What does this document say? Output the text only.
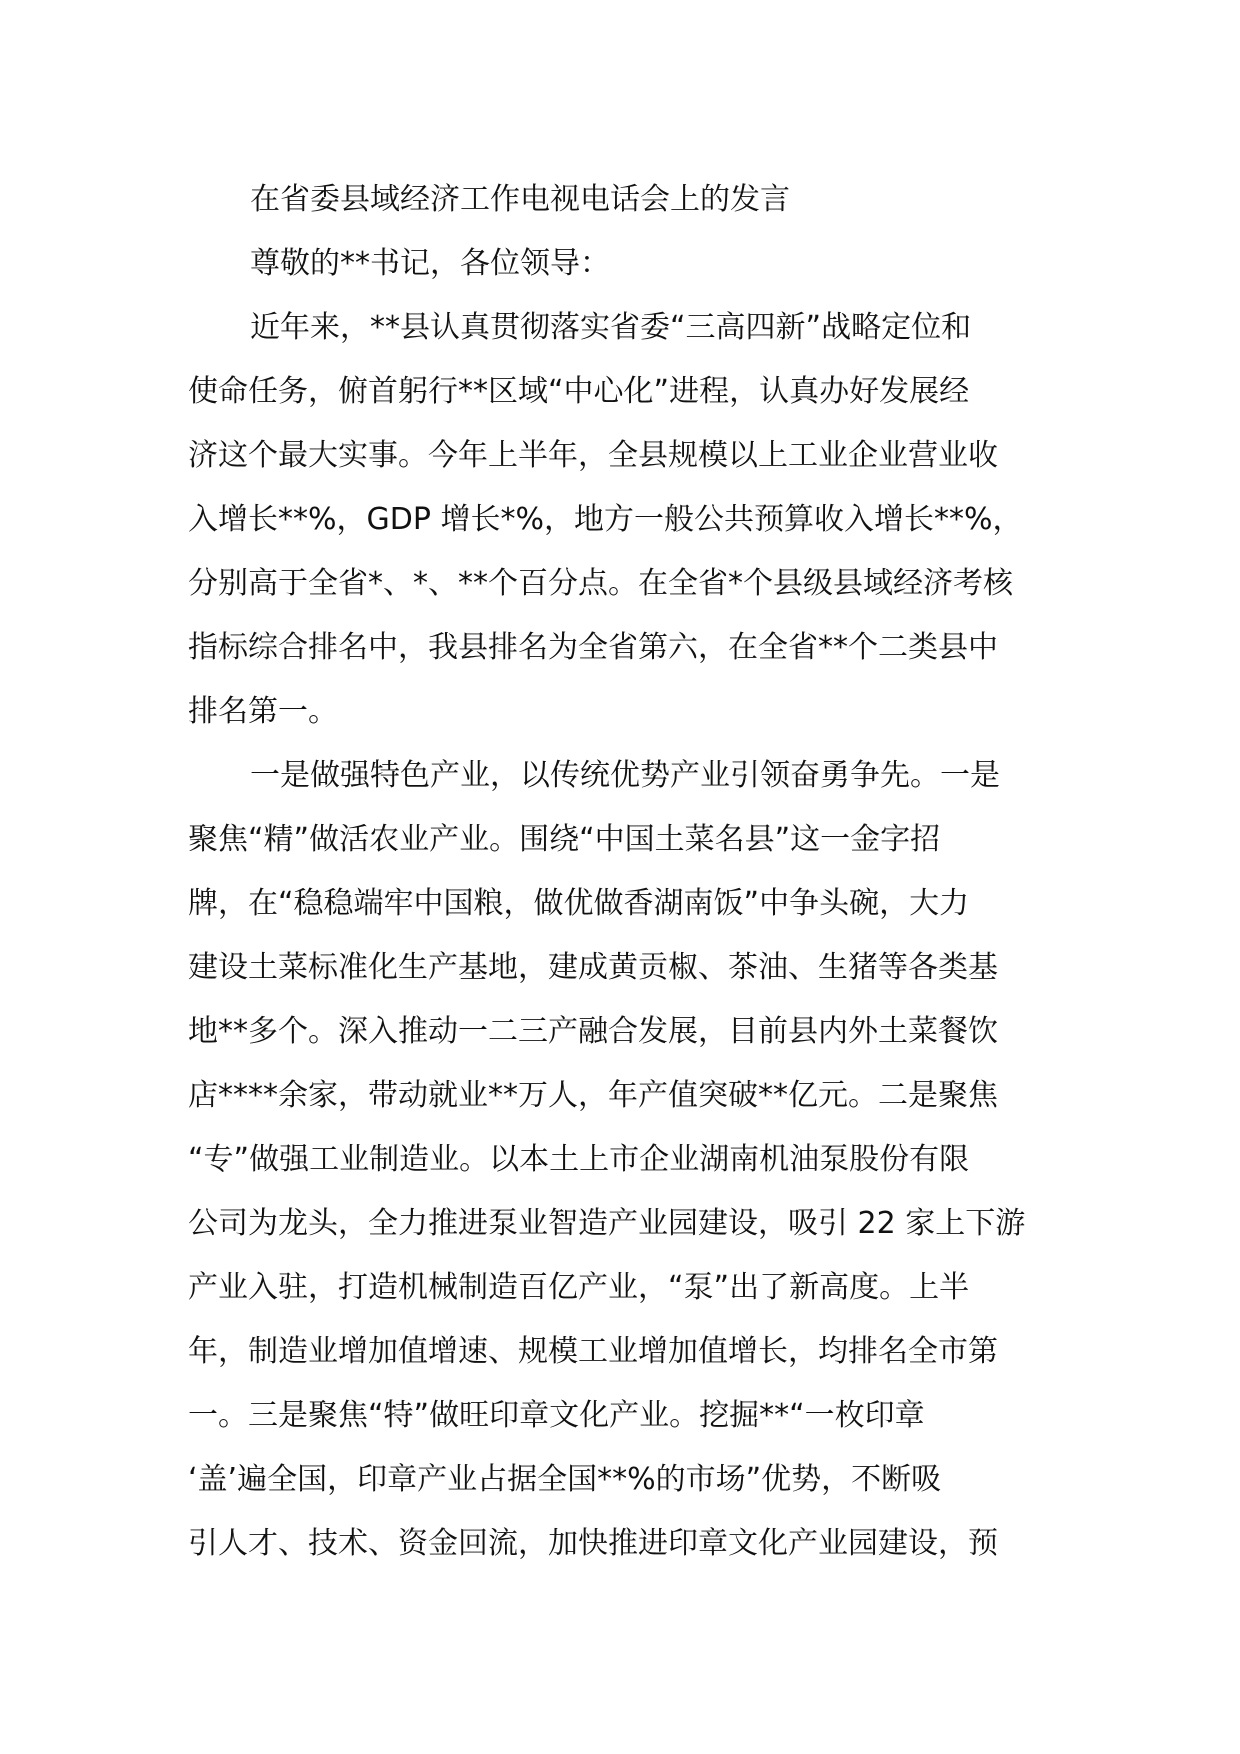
在省委县域经济工作电视电话会上的发言
尊敬的**书记，各位领导：
近年来，**县认真贯彻落实省委“三高四新”战略定位和
使命任务，俯首躬行**区域“中心化”进程，认真办好发展经
济这个最大实事。今年上半年，全县规模以上工业企业营业收
入增长**%，GDP 增长*%，地方一般公共预算收入增长**%，
分别高于全省*、*、**个百分点。在全省*个县级县域经济考核
指标综合排名中，我县排名为全省第六，在全省**个二类县中
排名第一。
一是做强特色产业，以传统优势产业引领奋勇争先。一是
聚焦“精”做活农业产业。围绕“中国土菜名县”这一金字招
牌，在“稳稳端牢中国粮，做优做香湖南饭”中争头碗，大力
建设土菜标准化生产基地，建成黄贡椒、茶油、生猪等各类基
地**多个。深入推动一二三产融合发展，目前县内外土菜餐饮
店****余家，带动就业**万人，年产值突破**亿元。二是聚焦
“专”做强工业制造业。以本土上市企业湖南机油泵股份有限
公司为龙头，全力推进泵业智造产业园建设，吸引 22 家上下游
产业入驻，打造机械制造百亿产业，“泵”出了新高度。上半
年，制造业增加值增速、规模工业增加值增长，均排名全市第
一。三是聚焦“特”做旺印章文化产业。挖掘**“一枚印章
‘盖’遍全国，印章产业占据全国**%的市场”优势，不断吸
引人才、技术、资金回流，加快推进印章文化产业园建设，预
